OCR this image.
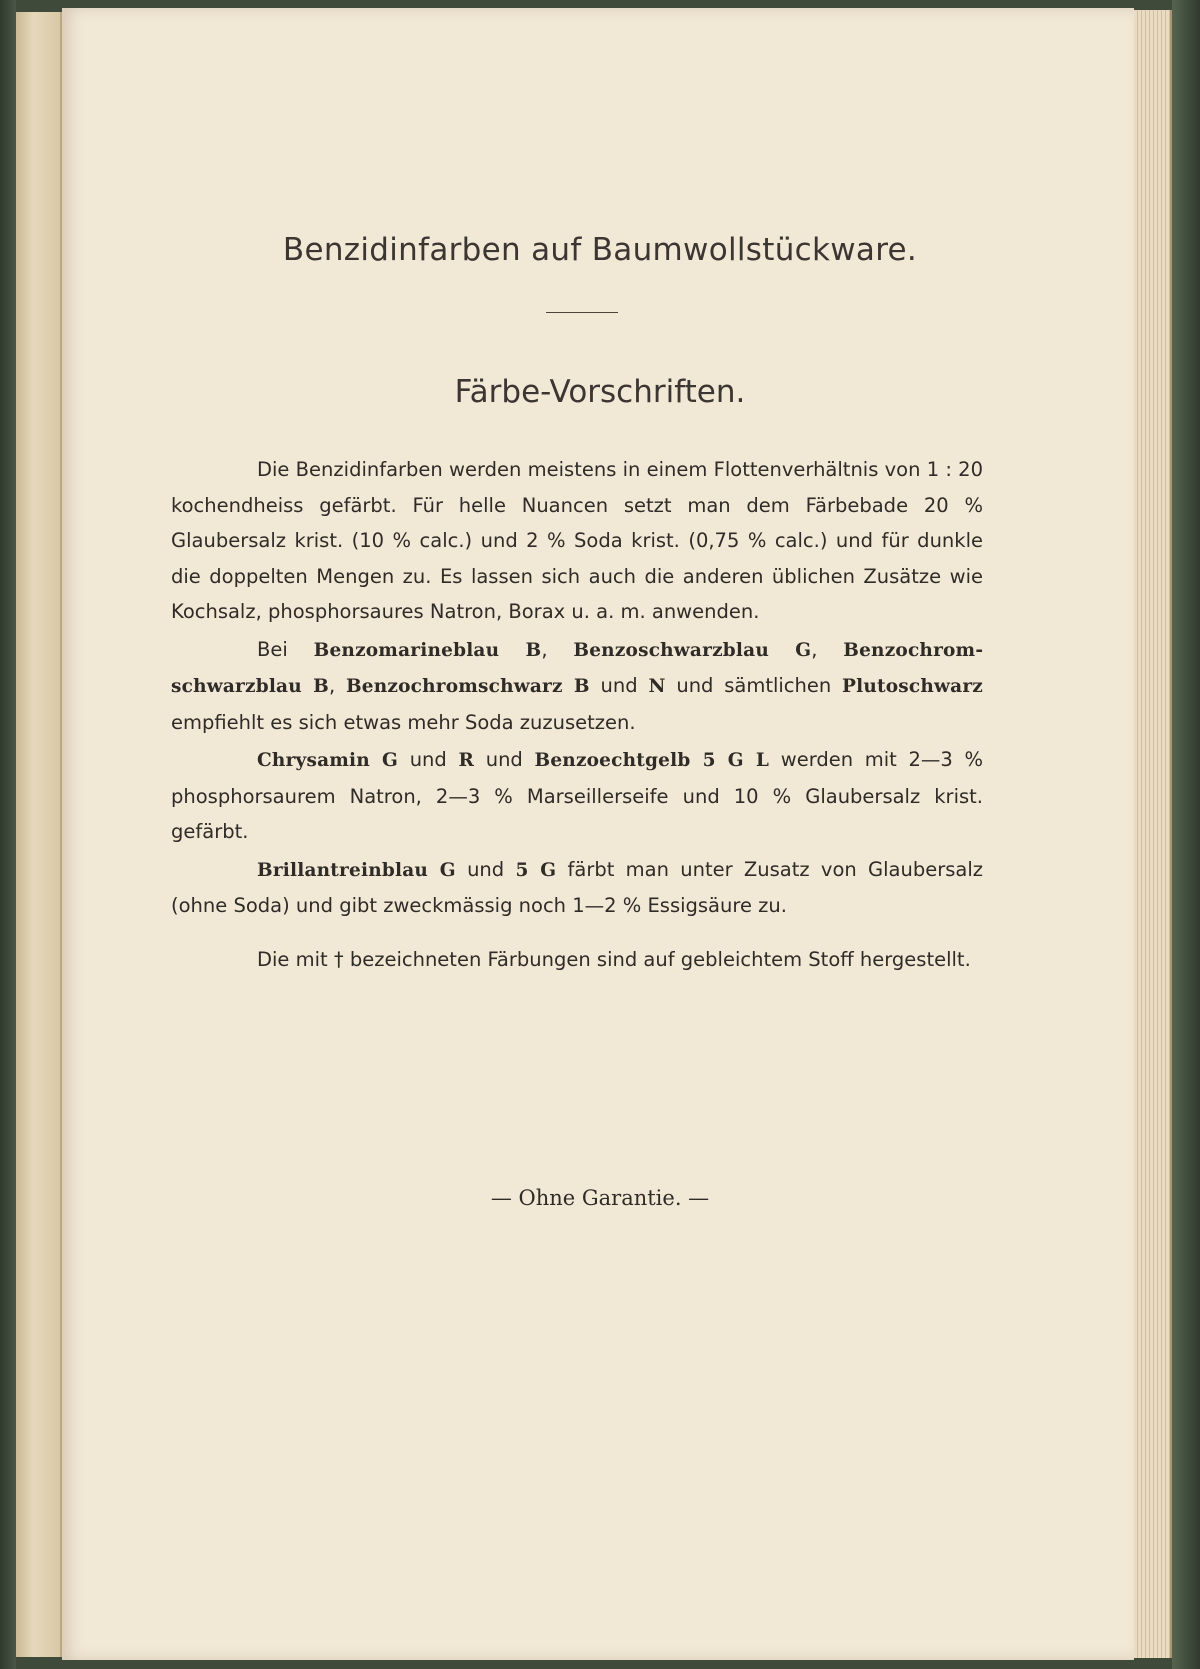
Benzidinfarben auf Baumwollstückware.
Färbe-Vorschriften.

Die Benzidinfarben werden meistens in einem Flottenverhältnis von 1 : 20 kochendheiss gefärbt. Für helle Nuancen setzt man dem Färbebade 20 % Glaubersalz krist. (10 % calc.) und 2 % Soda krist. (0,75 % calc.) und für dunkle die doppelten Mengen zu. Es lassen sich auch die anderen üblichen Zusätze wie Kochsalz, phosphorsaures Natron, Borax u. a. m. anwenden.

Bei Benzomarineblau B, Benzoschwarzblau G, Benzochromschwarzblau B, Benzochromschwarz B und N und sämtlichen Plutoschwarz empfiehlt es sich etwas mehr Soda zuzusetzen.

Chrysamin G und R und Benzoechtgelb 5 G L werden mit 2—3 % phosphorsaurem Natron, 2—3 % Marseillerseife und 10 % Glaubersalz krist. gefärbt.

Brillantreinblau G und 5 G färbt man unter Zusatz von Glaubersalz (ohne Soda) und gibt zweckmässig noch 1—2 % Essigsäure zu.

Die mit † bezeichneten Färbungen sind auf gebleichtem Stoff hergestellt.

— Ohne Garantie. —
